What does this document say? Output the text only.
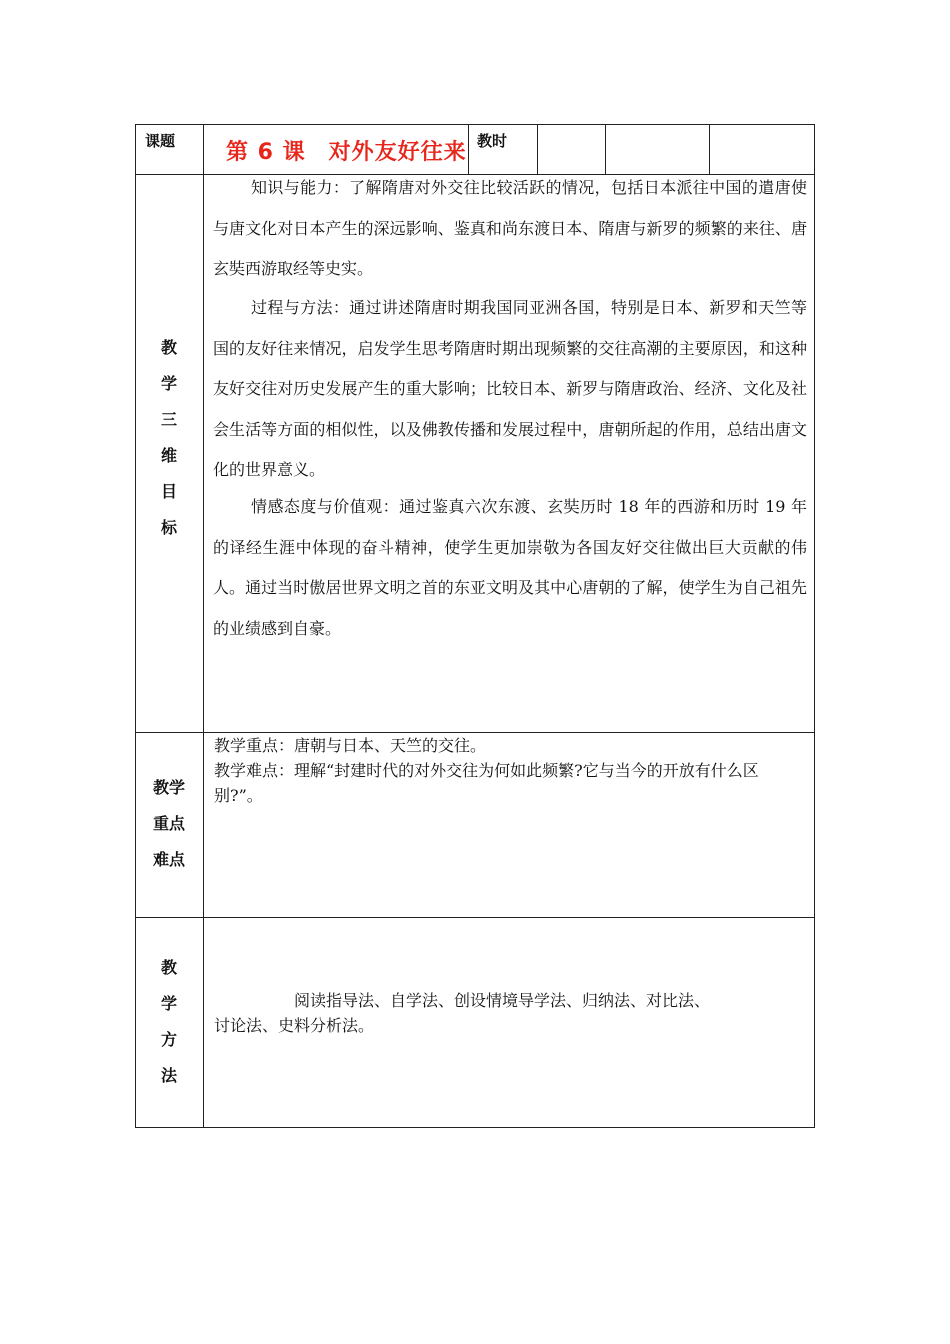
课题 第 6 课　对外友好往来 教时
教
学
三
维
目
标
知识与能力：了解隋唐对外交往比较活跃的情况，包括日本派往中国的遣唐使与唐文化对日本产生的深远影响、鉴真和尚东渡日本、隋唐与新罗的频繁的来往、唐玄奘西游取经等史实。
过程与方法：通过讲述隋唐时期我国同亚洲各国，特别是日本、新罗和天竺等国的友好往来情况，启发学生思考隋唐时期出现频繁的交往高潮的主要原因，和这种友好交往对历史发展产生的重大影响；比较日本、新罗与隋唐政治、经济、文化及社会生活等方面的相似性，以及佛教传播和发展过程中，唐朝所起的作用，总结出唐文化的世界意义。
情感态度与价值观：通过鉴真六次东渡、玄奘历时 18 年的西游和历时 19 年的译经生涯中体现的奋斗精神，使学生更加崇敬为各国友好交往做出巨大贡献的伟人。通过当时傲居世界文明之首的东亚文明及其中心唐朝的了解，使学生为自己祖先的业绩感到自豪。
教学
重点
难点
教学重点：唐朝与日本、天竺的交往。
教学难点：理解“封建时代的对外交往为何如此频繁?它与当今的开放有什么区
别?”。
教
学
方
法
阅读指导法、自学法、创设情境导学法、归纳法、对比法、
讨论法、史料分析法。
